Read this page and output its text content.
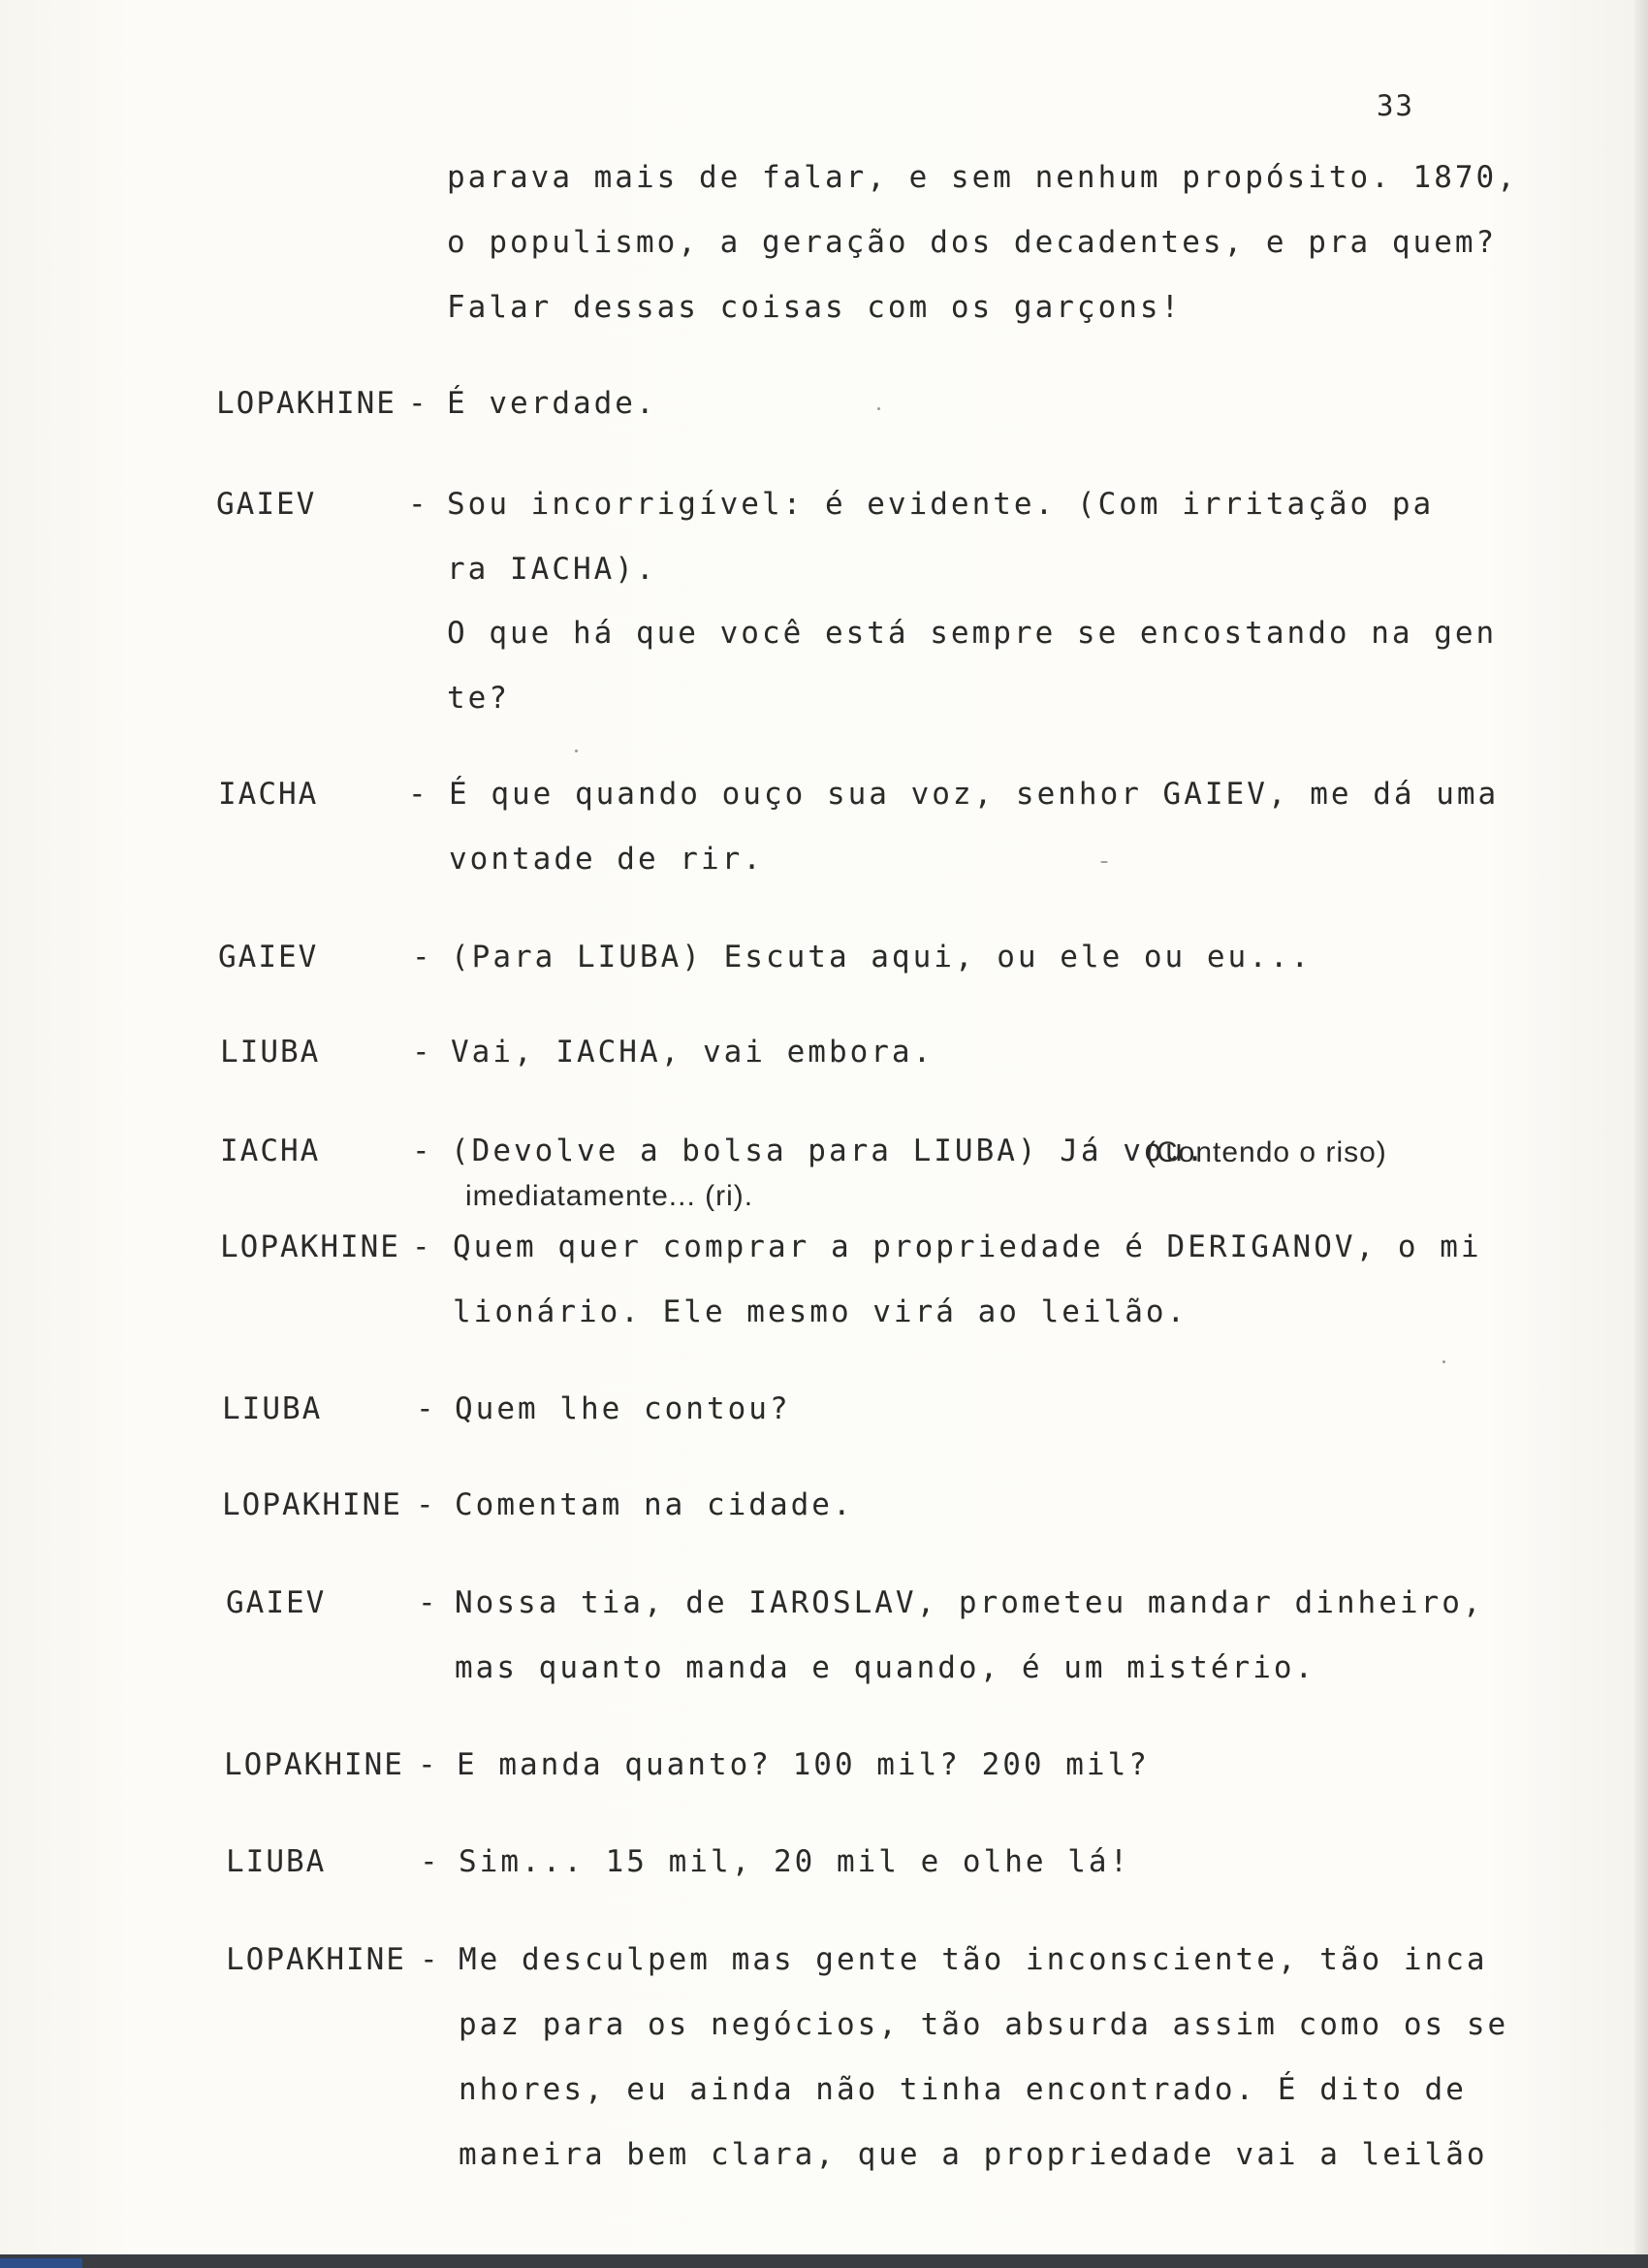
33
parava mais de falar, e sem nenhum propósito. 1870,
o populismo, a geração dos decadentes, e pra quem?
Falar dessas coisas com os garçons!
LOPAKHINE - É verdade.
GAIEV	- Sou incorrigível: é evidente. (Com irritação pa
ra IACHA).
O que há que você está sempre se encostando na gen
te?
IACHA	- É que quando ouço sua voz, senhor GAIEV, me dá uma
vontade de rir.
GAIEV	- (Para LIUBA) Escuta aqui, ou ele ou eu...
LIUBA	- Vai, IACHA, vai embora.
IACHA	- (Devolve a bolsa para LIUBA) Já vou.
(Contendo o riso)
imediatamente... (ri).
LOPAKHINE - Quem quer comprar a propriedade é DERIGANOV, o mi
lionário. Ele mesmo virá ao leilão.
LIUBA	- Quem lhe contou?
LOPAKHINE - Comentam na cidade.
GAIEV	- Nossa tia, de IAROSLAV, prometeu mandar dinheiro,
mas quanto manda e quando, é um mistério.
LOPAKHINE - E manda quanto? 100 mil? 200 mil?
LIUBA	- Sim... 15 mil, 20 mil e olhe lá!
LOPAKHINE - Me desculpem mas gente tão inconsciente, tão inca
paz para os negócios, tão absurda assim como os se
nhores, eu ainda não tinha encontrado. É dito de
maneira bem clara, que a propriedade vai a leilão
